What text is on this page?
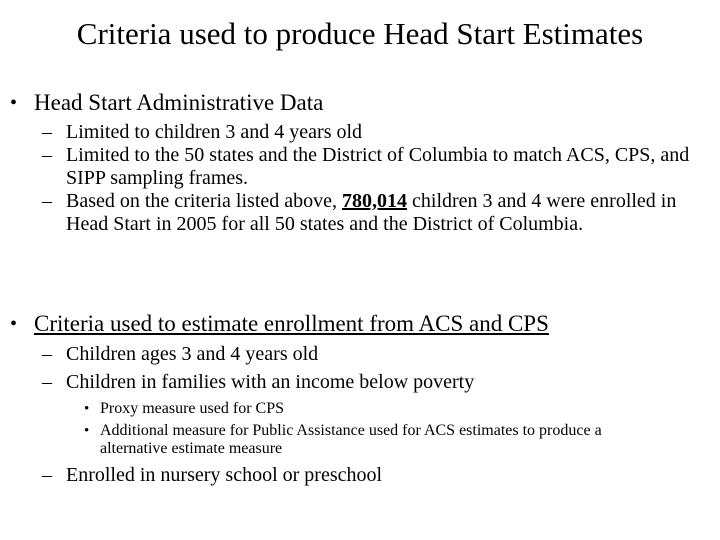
Criteria used to produce Head Start Estimates
• Head Start Administrative Data
– Limited to children 3 and 4 years old
– Limited to the 50 states and the District of Columbia to match ACS, CPS, and SIPP sampling frames.
– Based on the criteria listed above, 780,014 children 3 and 4 were enrolled in Head Start in 2005 for all 50 states and the District of Columbia.
• Criteria used to estimate enrollment from ACS and CPS
– Children ages 3 and 4 years old
– Children in families with an income below poverty
• Proxy measure used for CPS
• Additional measure for Public Assistance used for ACS estimates to produce a alternative estimate measure
– Enrolled in nursery school or preschool
